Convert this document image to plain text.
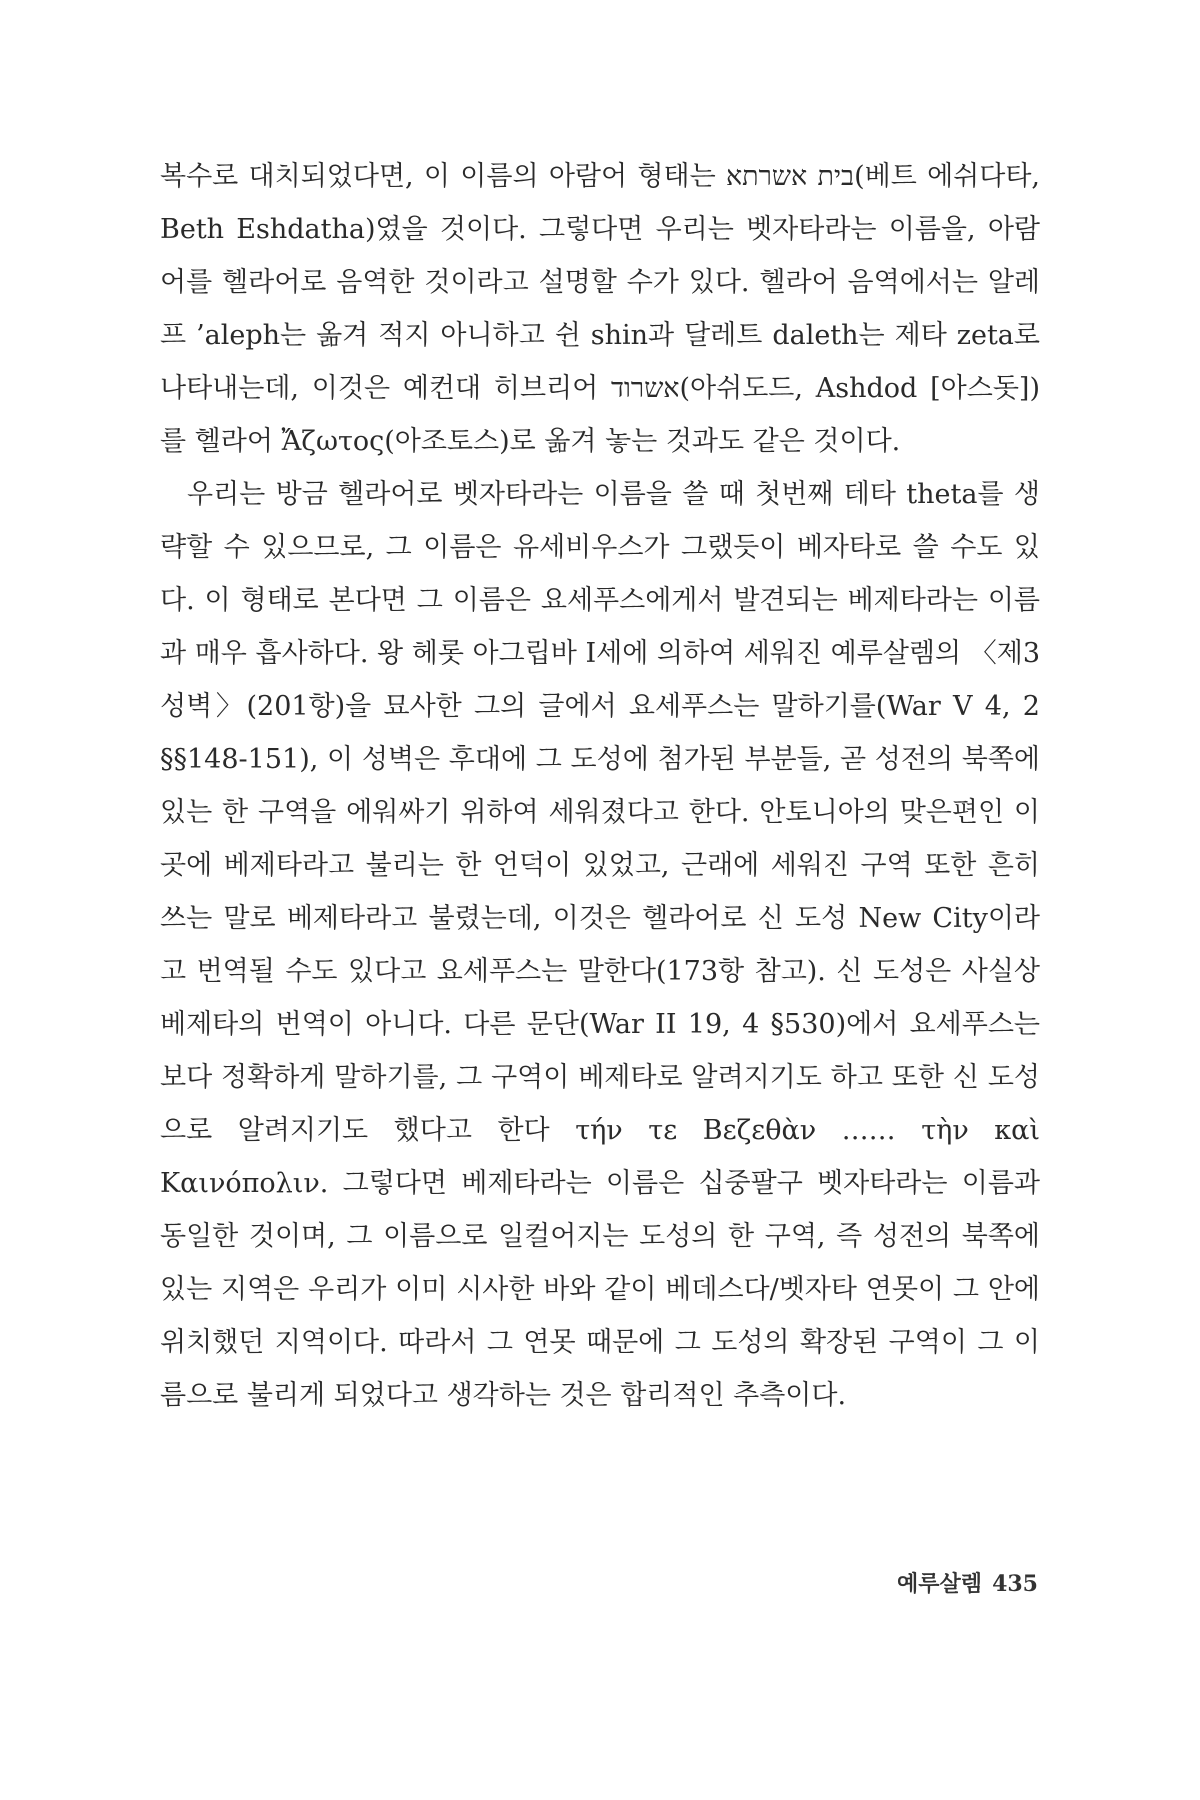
복수로 대치되었다면, 이 이름의 아람어 형태는 בית אשרתא(베트 에쉬다타, Beth Eshdatha)였을 것이다. 그렇다면 우리는 벳자타라는 이름을, 아람어를 헬라어로 음역한 것이라고 설명할 수가 있다. 헬라어 음역에서는 알레프 ’aleph는 옮겨 적지 아니하고 쉰 shin과 달레트 daleth는 제타 zeta로 나타내는데, 이것은 예컨대 히브리어 אשרוד(아쉬도드, Ashdod [아스돗])를 헬라어 Ἄζωτος(아조토스)로 옮겨 놓는 것과도 같은 것이다.

우리는 방금 헬라어로 벳자타라는 이름을 쓸 때 첫번째 테타 theta를 생략할 수 있으므로, 그 이름은 유세비우스가 그랬듯이 베자타로 쓸 수도 있다. 이 형태로 본다면 그 이름은 요세푸스에게서 발견되는 베제타라는 이름과 매우 흡사하다. 왕 헤롯 아그립바 I세에 의하여 세워진 예루살렘의 〈제3 성벽〉(201항)을 묘사한 그의 글에서 요세푸스는 말하기를(War V 4, 2 §§148-151), 이 성벽은 후대에 그 도성에 첨가된 부분들, 곧 성전의 북쪽에 있는 한 구역을 에워싸기 위하여 세워졌다고 한다. 안토니아의 맞은편인 이 곳에 베제타라고 불리는 한 언덕이 있었고, 근래에 세워진 구역 또한 흔히 쓰는 말로 베제타라고 불렸는데, 이것은 헬라어로 신 도성 New City이라고 번역될 수도 있다고 요세푸스는 말한다(173항 참고). 신 도성은 사실상 베제타의 번역이 아니다. 다른 문단(War II 19, 4 §530)에서 요세푸스는 보다 정확하게 말하기를, 그 구역이 베제타로 알려지기도 하고 또한 신 도성으로 알려지기도 했다고 한다 τήν τε Βεζεθὰν …… τὴν καὶ Καινόπολιν. 그렇다면 베제타라는 이름은 십중팔구 벳자타라는 이름과 동일한 것이며, 그 이름으로 일컬어지는 도성의 한 구역, 즉 성전의 북쪽에 있는 지역은 우리가 이미 시사한 바와 같이 베데스다/벳자타 연못이 그 안에 위치했던 지역이다. 따라서 그 연못 때문에 그 도성의 확장된 구역이 그 이름으로 불리게 되었다고 생각하는 것은 합리적인 추측이다.

예루살렘 435
